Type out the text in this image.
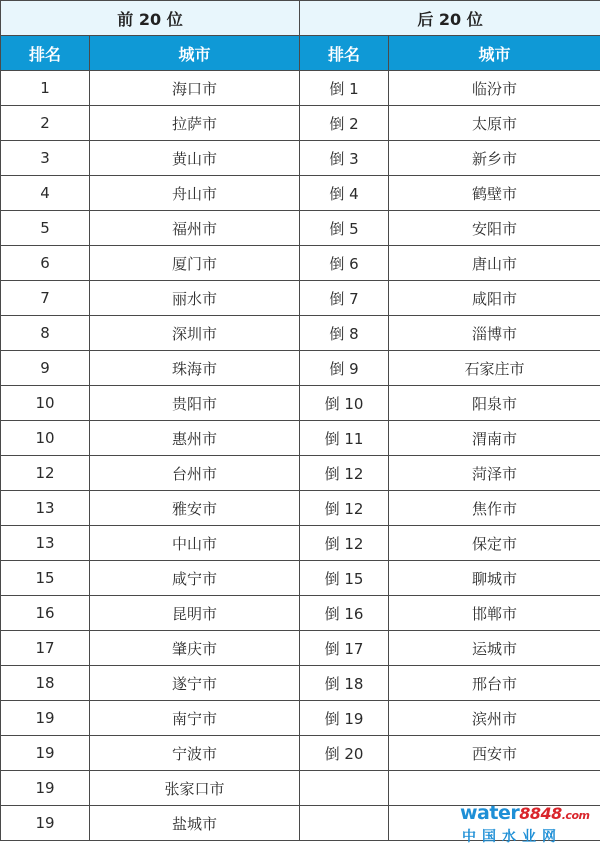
前 20 位		后 20 位	
排名	城市	排名	城市
1	海口市	倒 1	临汾市
2	拉萨市	倒 2	太原市
3	黄山市	倒 3	新乡市
4	舟山市	倒 4	鹤壁市
5	福州市	倒 5	安阳市
6	厦门市	倒 6	唐山市
7	丽水市	倒 7	咸阳市
8	深圳市	倒 8	淄博市
9	珠海市	倒 9	石家庄市
10	贵阳市	倒 10	阳泉市
10	惠州市	倒 11	渭南市
12	台州市	倒 12	菏泽市
13	雅安市	倒 12	焦作市
13	中山市	倒 12	保定市
15	咸宁市	倒 15	聊城市
16	昆明市	倒 16	邯郸市
17	肇庆市	倒 17	运城市
18	遂宁市	倒 18	邢台市
19	南宁市	倒 19	滨州市
19	宁波市	倒 20	西安市
19	张家口市		
19	盐城市			water8848.com
中国水业网
